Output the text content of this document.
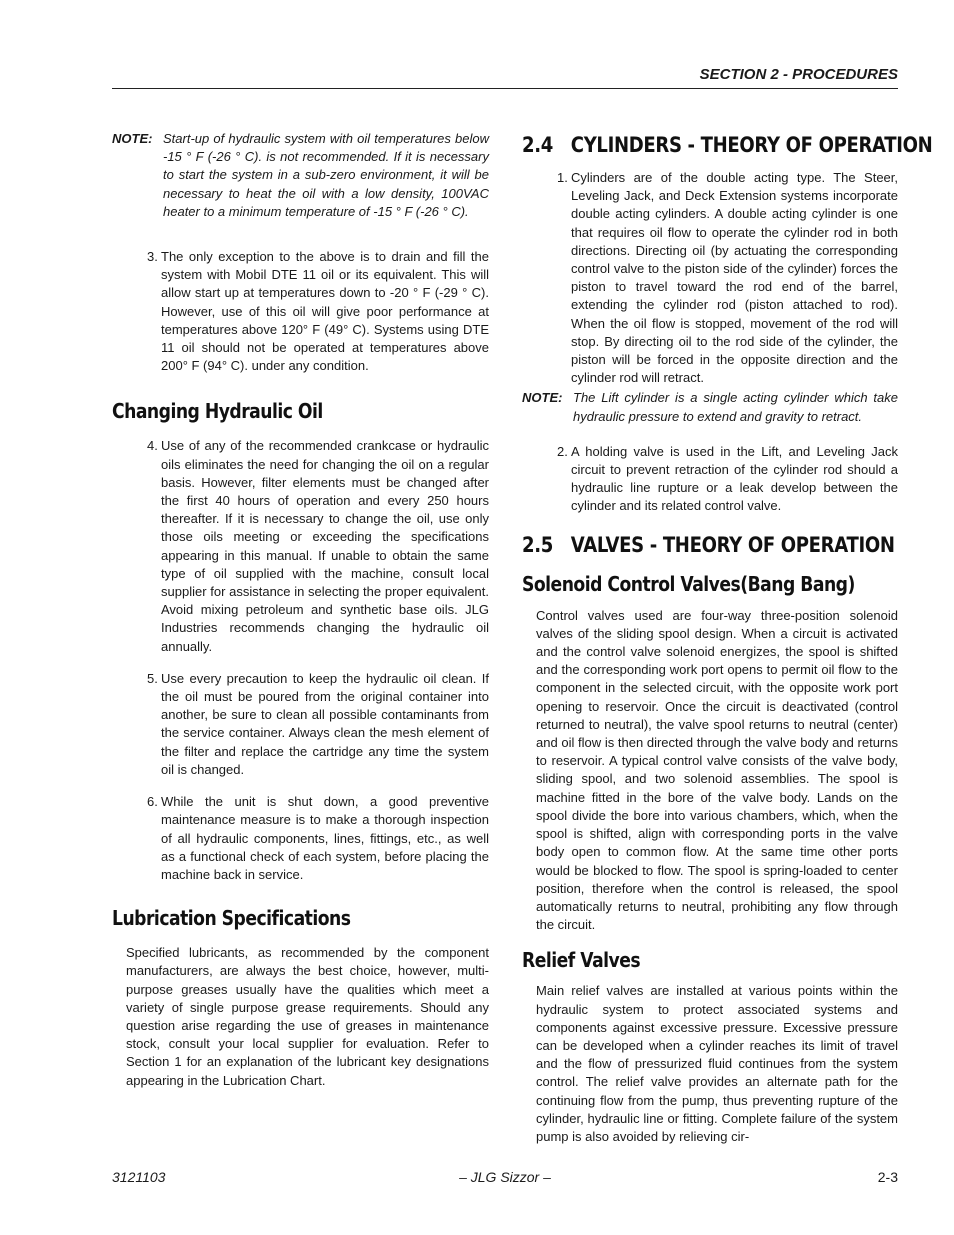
SECTION 2 - PROCEDURES
NOTE: Start-up of hydraulic system with oil temperatures below -15 ° F (-26 ° C). is not recommended. If it is necessary to start the system in a sub-zero environment, it will be necessary to heat the oil with a low density, 100VAC heater to a minimum temperature of -15 ° F (-26 ° C).

3. The only exception to the above is to drain and fill the system with Mobil DTE 11 oil or its equivalent. This will allow start up at temperatures down to -20 ° F (-29 ° C). However, use of this oil will give poor performance at temperatures above 120° F (49° C). Systems using DTE 11 oil should not be operated at temperatures above 200° F (94° C). under any condition.

Changing Hydraulic Oil
4. Use of any of the recommended crankcase or hydraulic oils eliminates the need for changing the oil on a regular basis. However, filter elements must be changed after the first 40 hours of operation and every 250 hours thereafter. If it is necessary to change the oil, use only those oils meeting or exceeding the specifications appearing in this manual. If unable to obtain the same type of oil supplied with the machine, consult local supplier for assistance in selecting the proper equivalent. Avoid mixing petroleum and synthetic base oils. JLG Industries recommends changing the hydraulic oil annually.

5. Use every precaution to keep the hydraulic oil clean. If the oil must be poured from the original container into another, be sure to clean all possible contaminants from the service container. Always clean the mesh element of the filter and replace the cartridge any time the system oil is changed.

6. While the unit is shut down, a good preventive maintenance measure is to make a thorough inspection of all hydraulic components, lines, fittings, etc., as well as a functional check of each system, before placing the machine back in service.

Lubrication Specifications

Specified lubricants, as recommended by the component manufacturers, are always the best choice, however, multi-purpose greases usually have the qualities which meet a variety of single purpose grease requirements. Should any question arise regarding the use of greases in maintenance stock, consult your local supplier for evaluation. Refer to Section 1 for an explanation of the lubricant key designations appearing in the Lubrication Chart.

2.4   CYLINDERS - THEORY OF OPERATION
1. Cylinders are of the double acting type. The Steer, Leveling Jack, and Deck Extension systems incorporate double acting cylinders. A double acting cylinder is one that requires oil flow to operate the cylinder rod in both directions. Directing oil (by actuating the corresponding control valve to the piston side of the cylinder) forces the piston to travel toward the rod end of the barrel, extending the cylinder rod (piston attached to rod). When the oil flow is stopped, movement of the rod will stop. By directing oil to the rod side of the cylinder, the piston will be forced in the opposite direction and the cylinder rod will retract.

NOTE: The Lift cylinder is a single acting cylinder which take hydraulic pressure to extend and gravity to retract.

2. A holding valve is used in the Lift, and Leveling Jack circuit to prevent retraction of the cylinder rod should a hydraulic line rupture or a leak develop between the cylinder and its related control valve.

2.5   VALVES - THEORY OF OPERATION
Solenoid Control Valves(Bang Bang)

Control valves used are four-way three-position solenoid valves of the sliding spool design. When a circuit is activated and the control valve solenoid energizes, the spool is shifted and the corresponding work port opens to permit oil flow to the component in the selected circuit, with the opposite work port opening to reservoir. Once the circuit is deactivated (control returned to neutral), the valve spool returns to neutral (center) and oil flow is then directed through the valve body and returns to reservoir. A typical control valve consists of the valve body, sliding spool, and two solenoid assemblies. The spool is machine fitted in the bore of the valve body. Lands on the spool divide the bore into various chambers, which, when the spool is shifted, align with corresponding ports in the valve body open to common flow. At the same time other ports would be blocked to flow. The spool is spring-loaded to center position, therefore when the control is released, the spool automatically returns to neutral, prohibiting any flow through the circuit.

Relief Valves

Main relief valves are installed at various points within the hydraulic system to protect associated systems and components against excessive pressure. Excessive pressure can be developed when a cylinder reaches its limit of travel and the flow of pressurized fluid continues from the system control. The relief valve provides an alternate path for the continuing flow from the pump, thus preventing rupture of the cylinder, hydraulic line or fitting. Complete failure of the system pump is also avoided by relieving cir-

– JLG Sizzor –
3121103	2-3
